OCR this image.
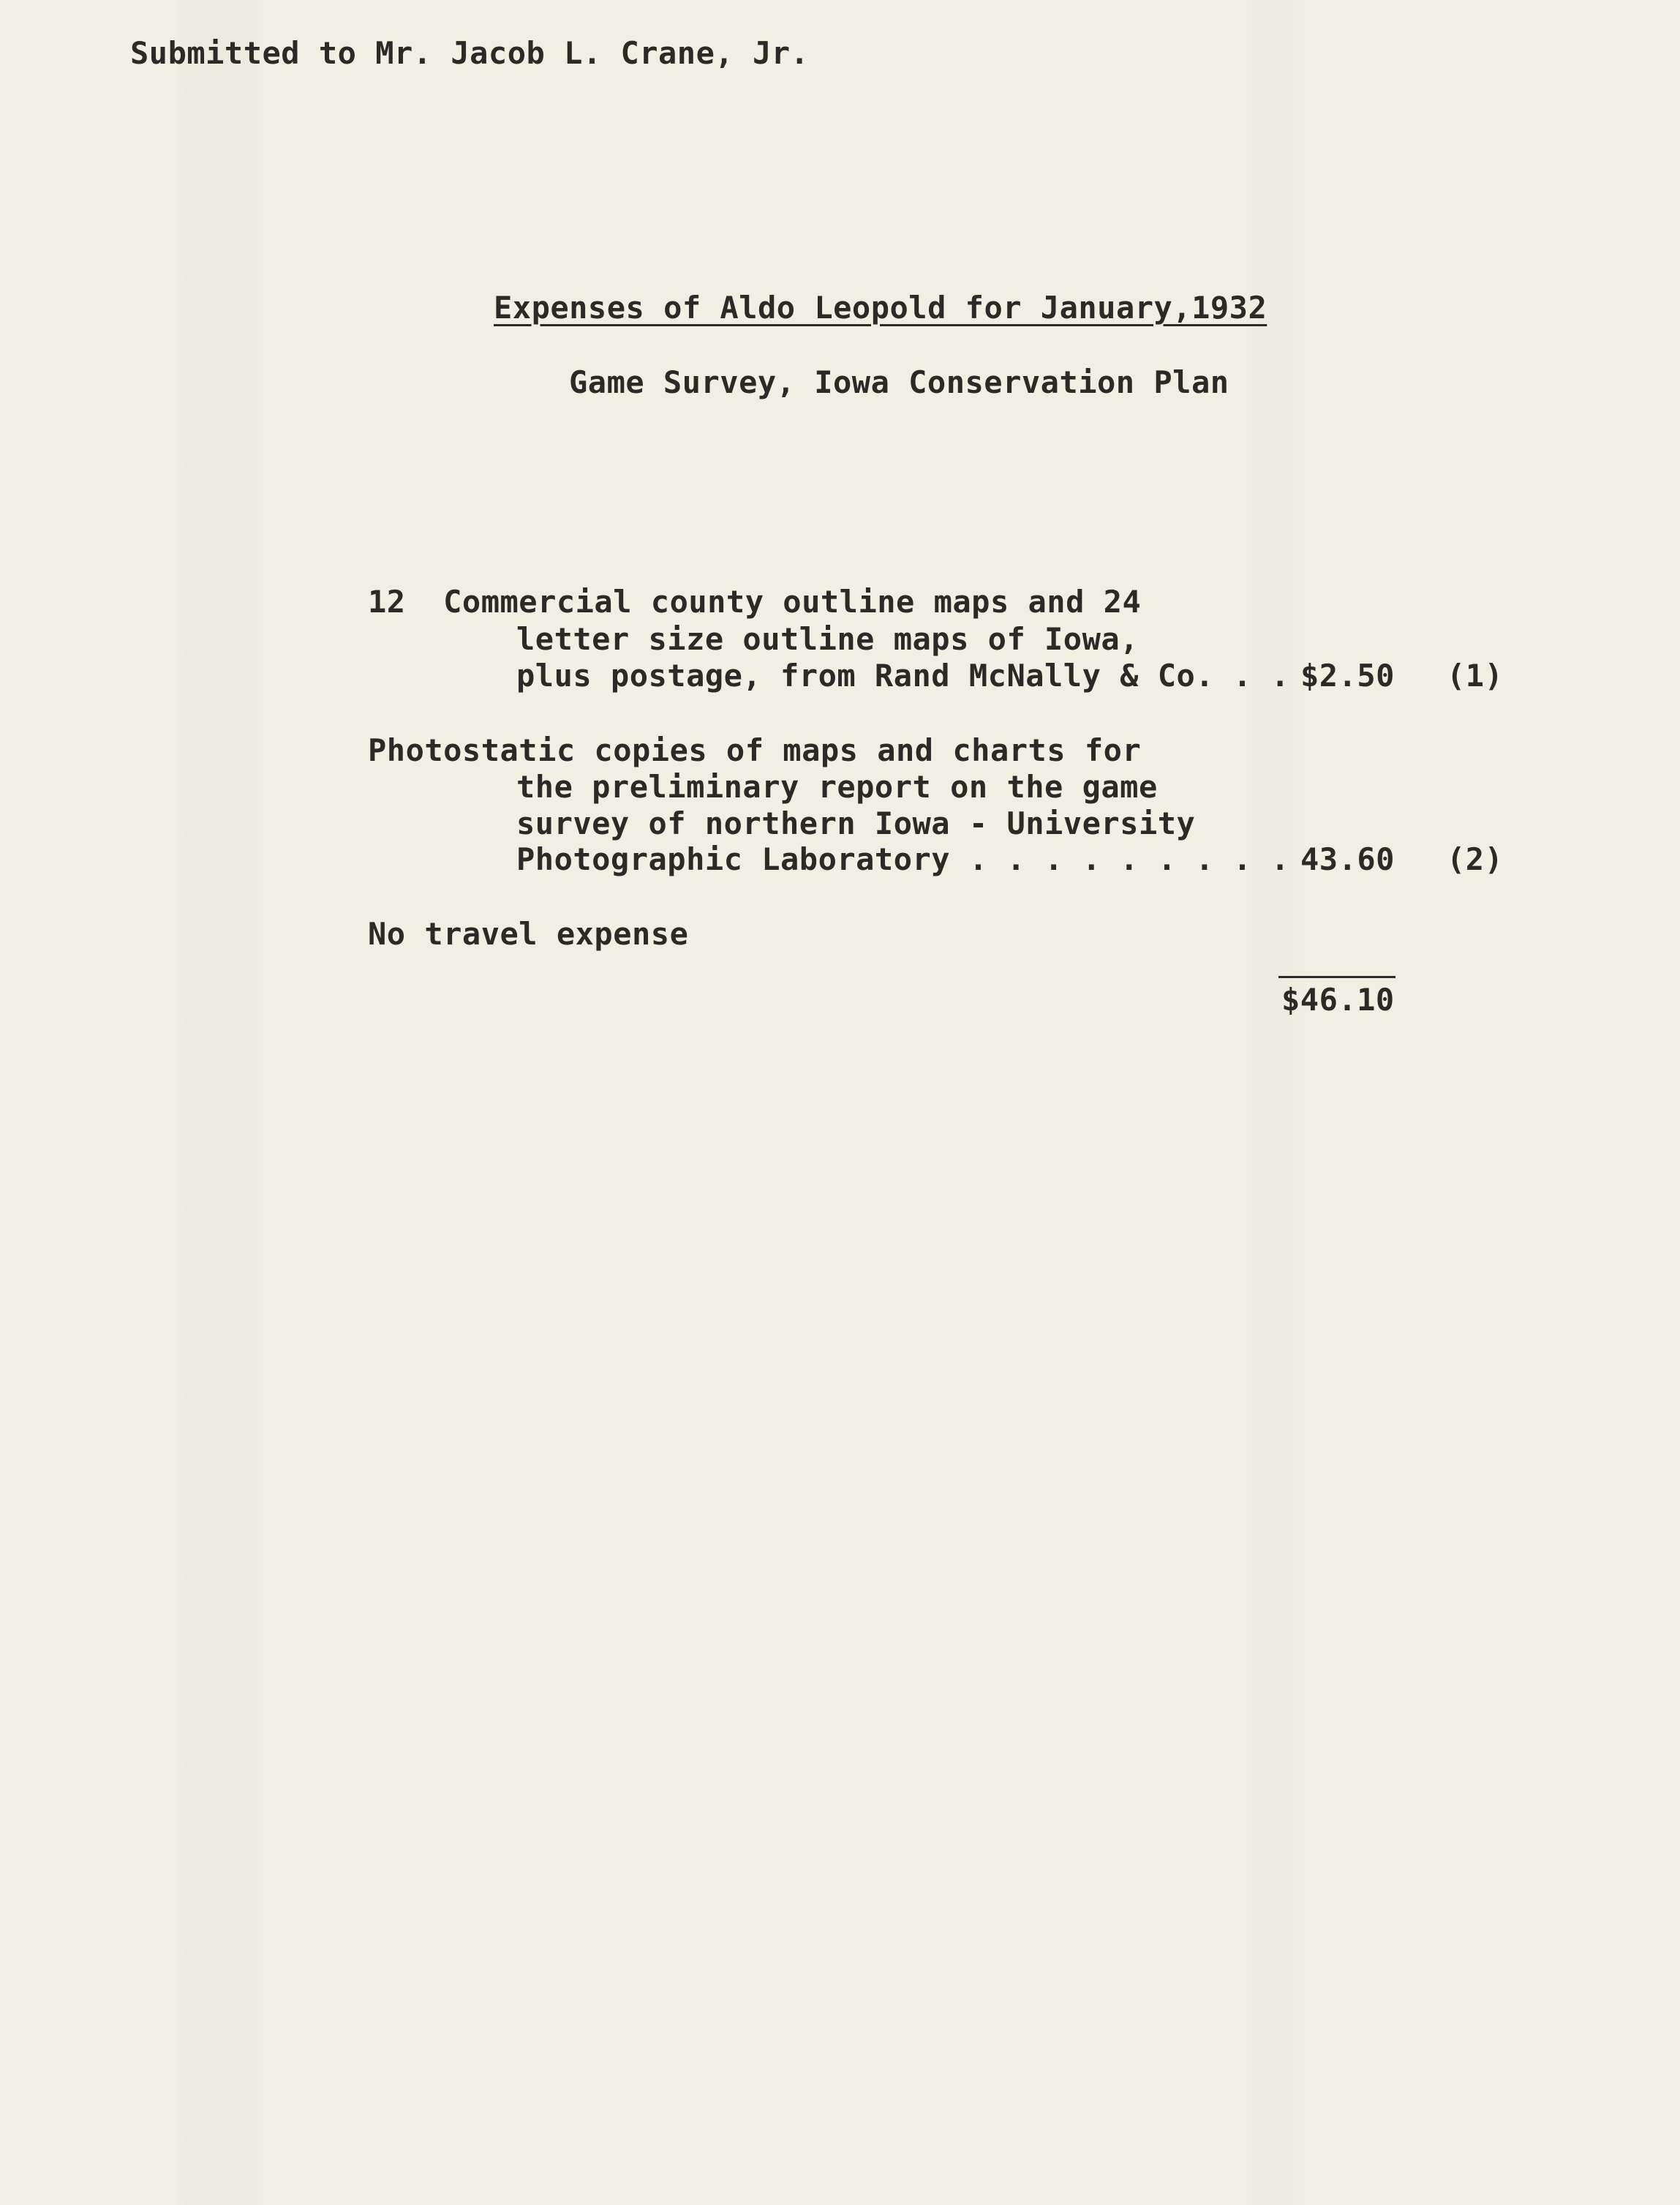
Submitted to Mr. Jacob L. Crane, Jr.
Expenses of Aldo Leopold for January,1932
Game Survey, Iowa Conservation Plan
12  Commercial county outline maps and 24
letter size outline maps of Iowa,
plus postage, from Rand McNally & Co. . . $2.50 (1)
Photostatic copies of maps and charts for
the preliminary report on the game
survey of northern Iowa - University
Photographic Laboratory . . . . . . . . . 43.60 (2)
No travel expense
$46.10
